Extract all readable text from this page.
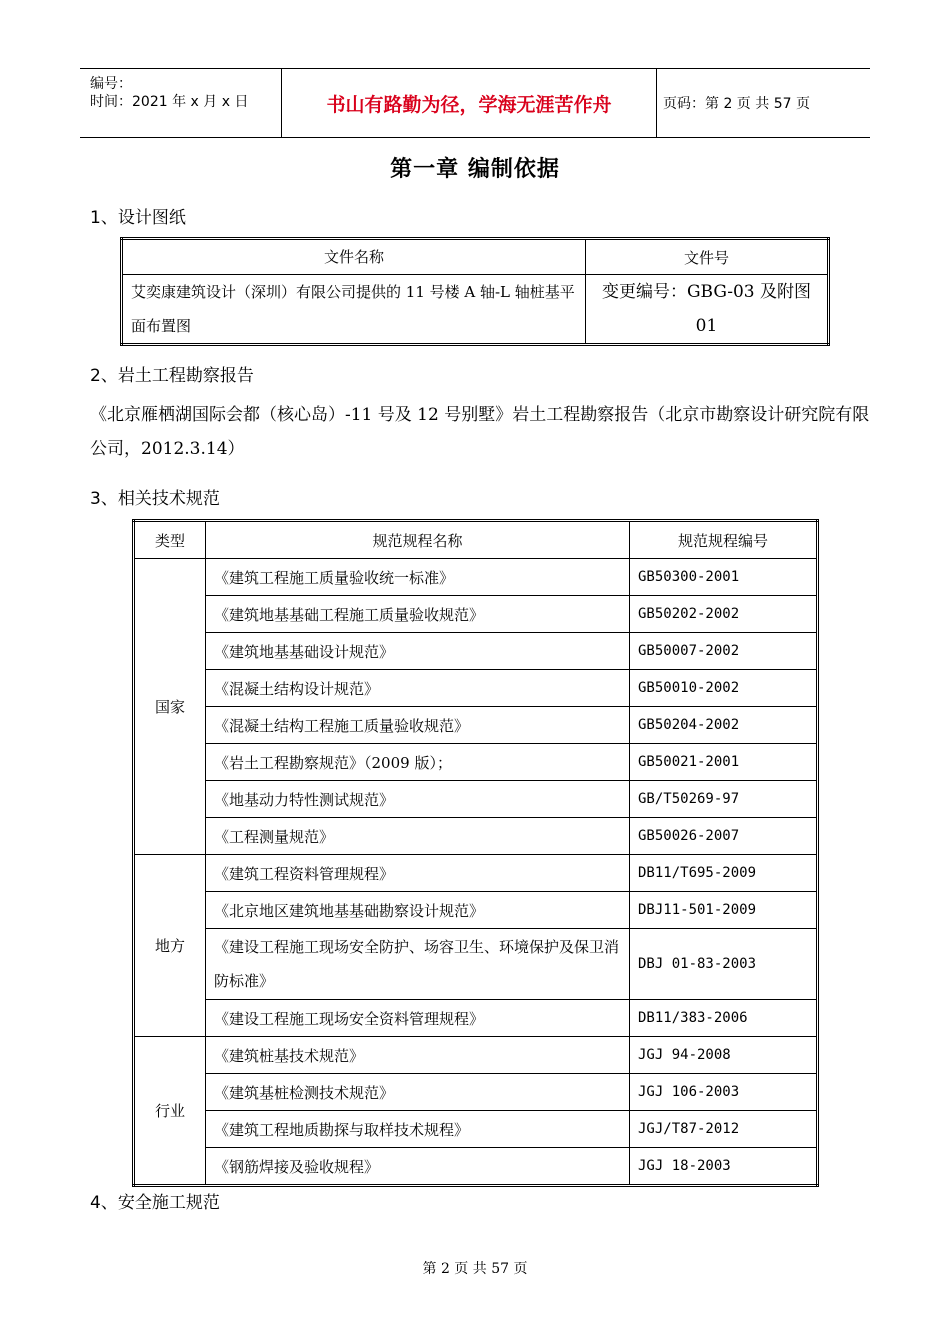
编号：
时间：2021 年 x 月 x 日	书山有路勤为径，学海无涯苦作舟	页码：第 2 页 共 57 页
第一章 编制依据
1、设计图纸
文件名称	文件号
艾奕康建筑设计（深圳）有限公司提供的 11 号楼 A 轴-L 轴桩基平面布置图	变更编号：GBG-03 及附图 01
2、岩土工程勘察报告
《北京雁栖湖国际会都（核心岛）-11 号及 12 号别墅》岩土工程勘察报告（北京市勘察设计研究院有限公司，2012.3.14）
3、相关技术规范
类型	规范规程名称	规范规程编号
国家	《建筑工程施工质量验收统一标准》	GB50300-2001
	《建筑地基基础工程施工质量验收规范》	GB50202-2002
	《建筑地基基础设计规范》	GB50007-2002
	《混凝土结构设计规范》	GB50010-2002
	《混凝土结构工程施工质量验收规范》	GB50204-2002
	《岩土工程勘察规范》（2009 版）；	GB50021-2001
	《地基动力特性测试规范》	GB/T50269-97
	《工程测量规范》	GB50026-2007
地方	《建筑工程资料管理规程》	DB11/T695-2009
	《北京地区建筑地基基础勘察设计规范》	DBJ11-501-2009
	《建设工程施工现场安全防护、场容卫生、环境保护及保卫消防标准》	DBJ 01-83-2003
	《建设工程施工现场安全资料管理规程》	DB11/383-2006
行业	《建筑桩基技术规范》	JGJ 94-2008
	《建筑基桩检测技术规范》	JGJ 106-2003
	《建筑工程地质勘探与取样技术规程》	JGJ/T87-2012
	《钢筋焊接及验收规程》	JGJ 18-2003
4、安全施工规范
第 2 页 共 57 页
